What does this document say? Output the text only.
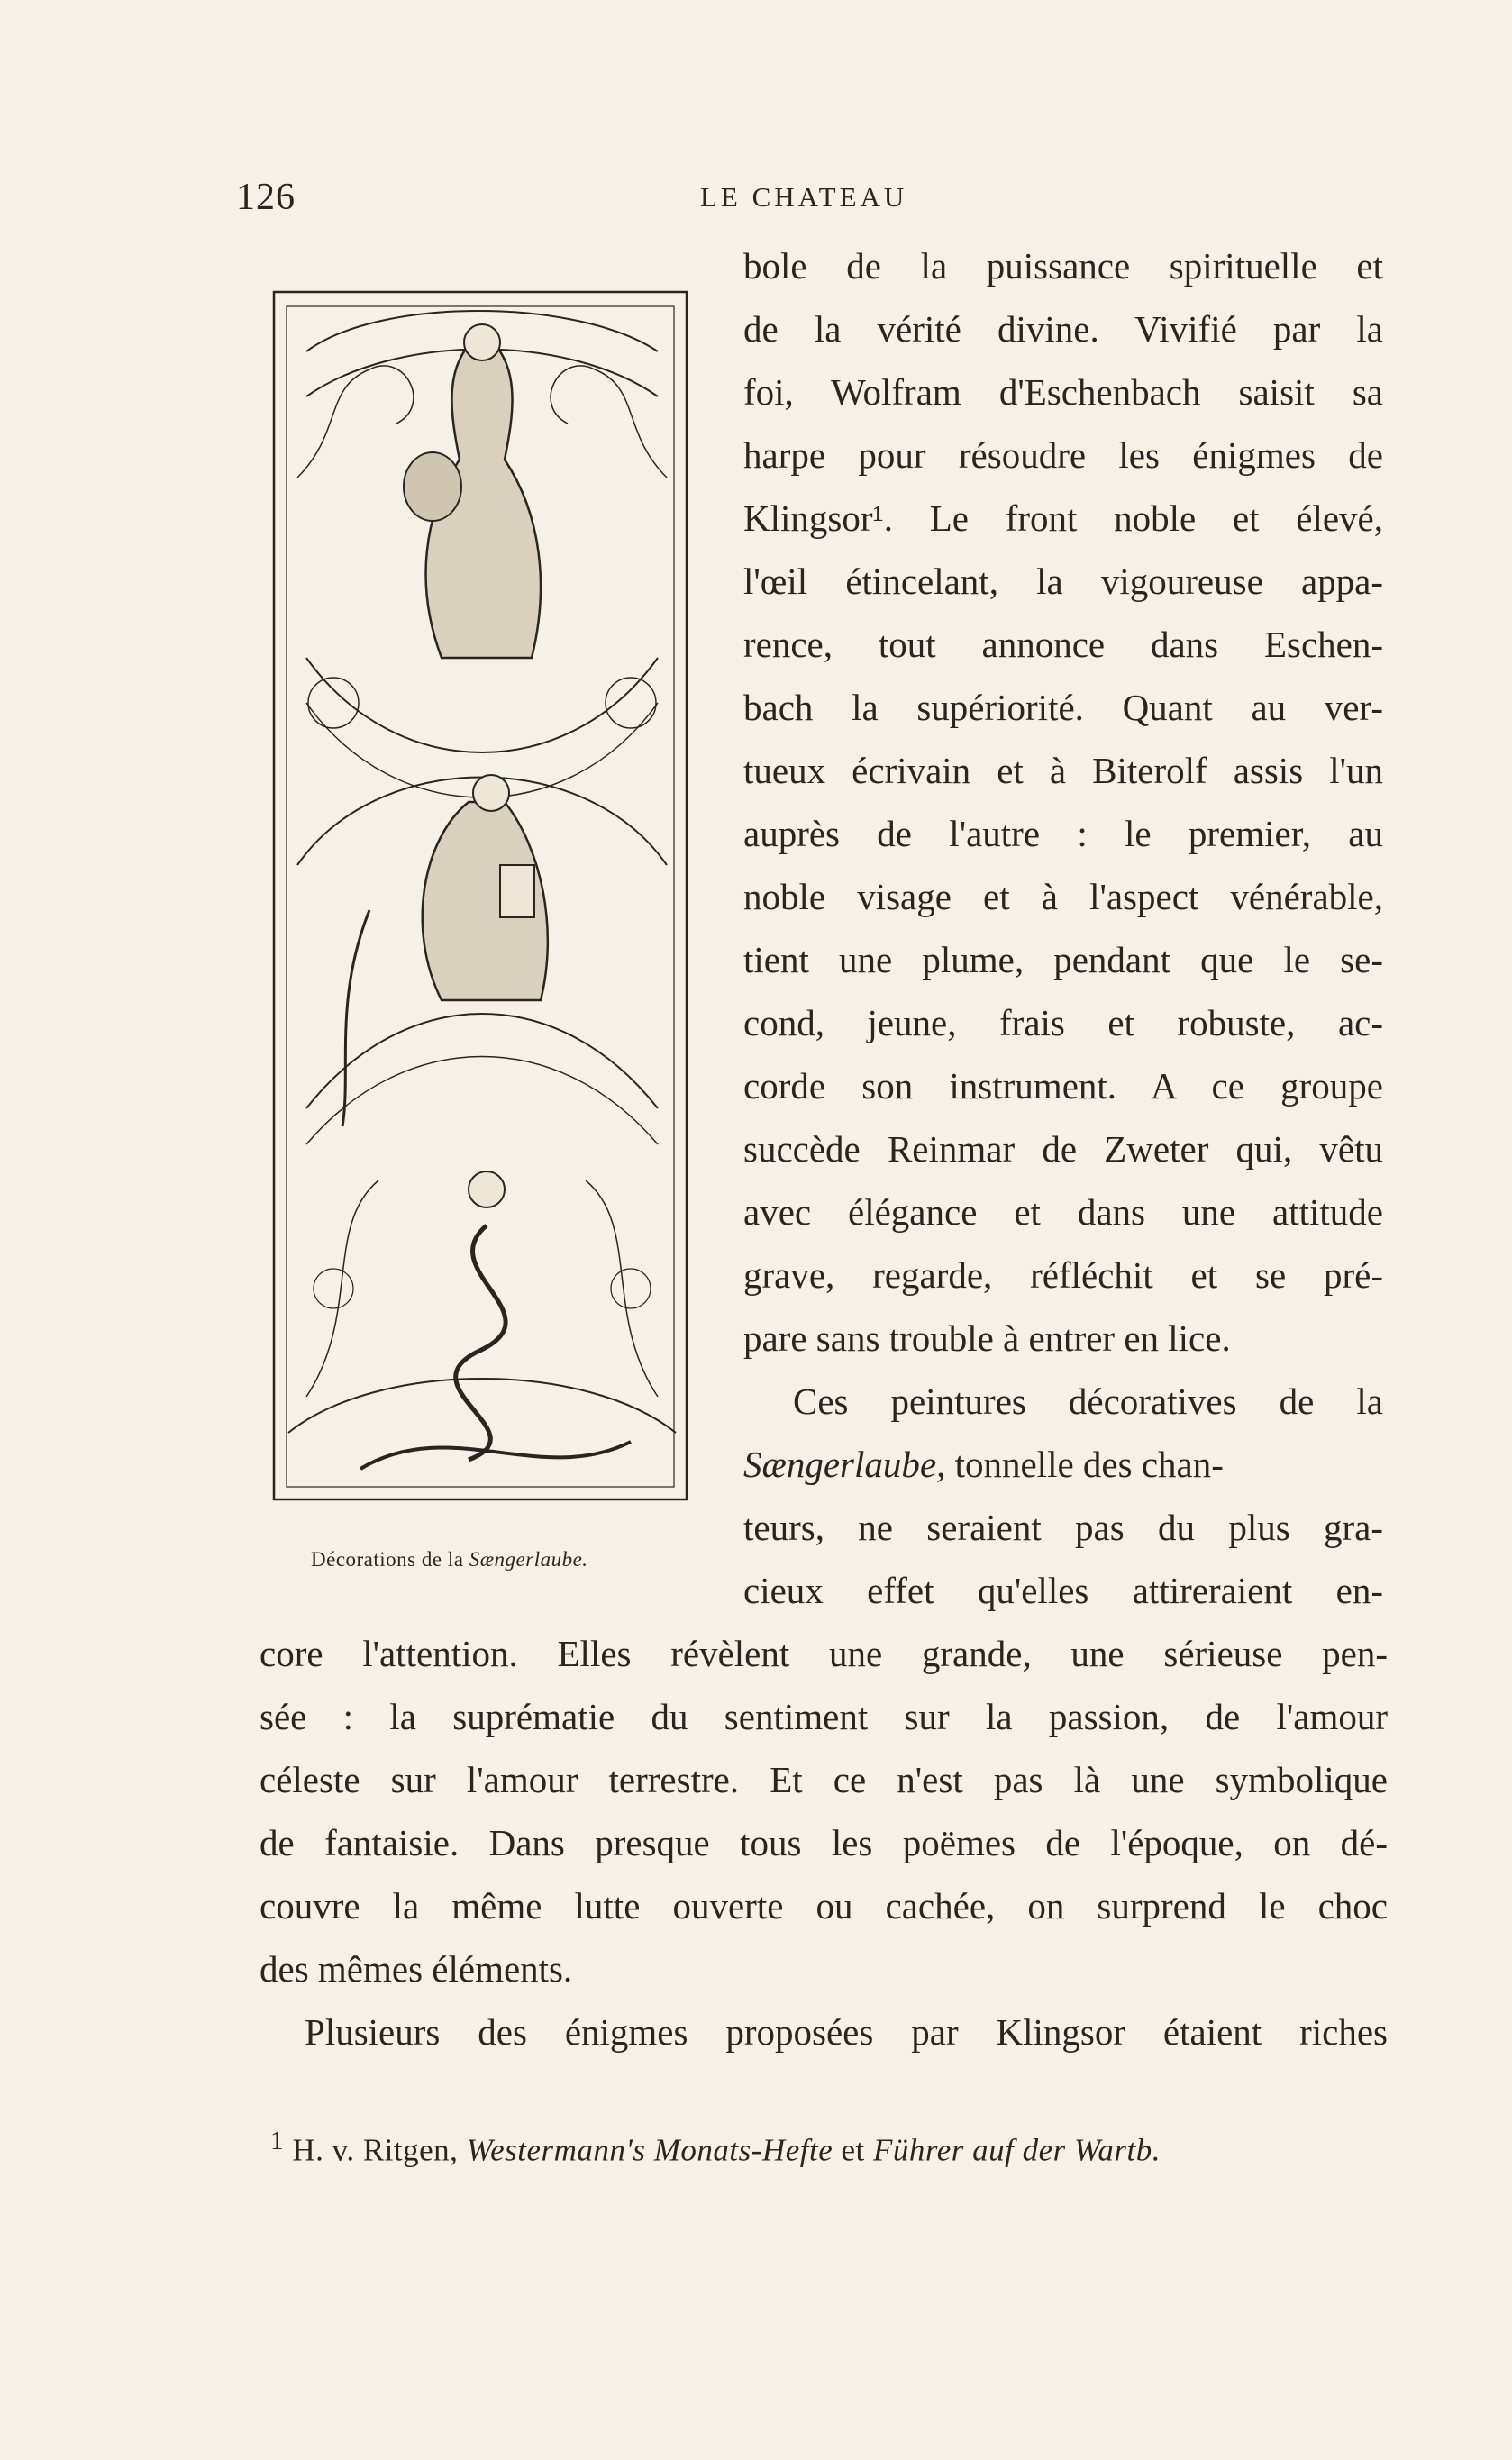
126	LE CHATEAU
Décorations de la Sængerlaube.
bole de la puissance spirituelle et
de la vérité divine. Vivifié par la
foi, Wolfram d'Eschenbach saisit sa
harpe pour résoudre les énigmes de
Klingsor¹. Le front noble et élevé,
l'œil étincelant, la vigoureuse appa-
rence, tout annonce dans Eschen-
bach la supériorité. Quant au ver-
tueux écrivain et à Biterolf assis l'un
auprès de l'autre : le premier, au
noble visage et à l'aspect vénérable,
tient une plume, pendant que le se-
cond, jeune, frais et robuste, ac-
corde son instrument. A ce groupe
succède Reinmar de Zweter qui, vêtu
avec élégance et dans une attitude
grave, regarde, réfléchit et se pré-
pare sans trouble à entrer en lice.
Ces peintures décoratives de la
Sængerlaube, tonnelle des chan-
teurs, ne seraient pas du plus gra-
cieux effet qu'elles attireraient en-
core l'attention. Elles révèlent une grande, une sérieuse pen-
sée : la suprématie du sentiment sur la passion, de l'amour
céleste sur l'amour terrestre. Et ce n'est pas là une symbolique
de fantaisie. Dans presque tous les poëmes de l'époque, on dé-
couvre la même lutte ouverte ou cachée, on surprend le choc
des mêmes éléments.
Plusieurs des énigmes proposées par Klingsor étaient riches
$^1$ H. v. Ritgen, Westermann's Monats-Hefte et Führer auf der Wartb.
